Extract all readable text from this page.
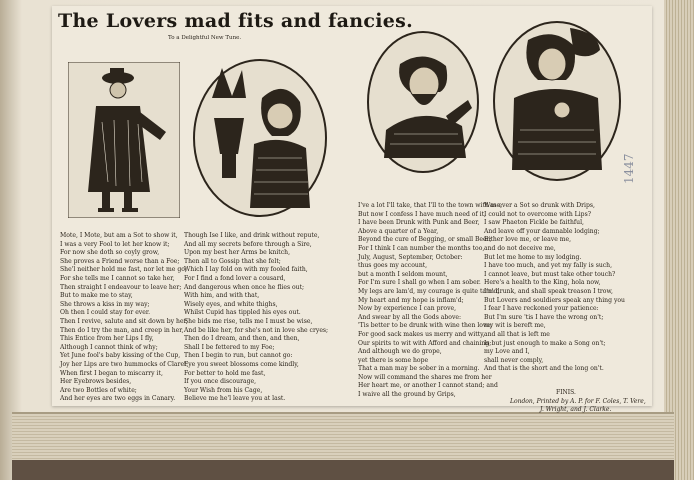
The Lovers mad fits and fancies.
To a Delightful New Tune.
Mote, I Mote, but am a Sot to show it,
I was a very Fool to let her know it;
For now she doth so coyly grow,
She proves a Friend worse than a Foe;
She'l neither hold me fast, nor let me go,
For she tells me I cannot so take her,
Then straight I endeavour to leave her;
But to make me to stay,
She throws a kiss in my way;
Oh then I could stay for ever.
Then I revive, salute and sit down by her,
Then do I try the man, and creep in her,
This Entice from her Lips I fly,
Although I cannot think of why;
Yet June fool's baby kissing of the Cup,
Joy her Lips are two hummocks of Claret,
When first I began to miscarry it,
Her Eyebrows besides,
Are two Bottles of white;
And her eyes are two eggs in Canary.
Though Ise I like, and drink without repute,
And all my secrets before through a Sire,
Upon my best her Arms be knitch,
Then all to Gossip that she felt;
Which I lay fold on with my fooled faith,
For I find a fond lover a cousard,
And dangerous when once he flies out;
With him, and with that,
Wisely eyes, and white thighs,
Whilst Cupid has tippled his eyes out.
She bids me rise, tells me I must be wise,
And be like her, for she's not in love she cryes;
Then do I dream, and then, and then,
Shall I be fettered to my Foe;
Then I begin to run, but cannot go:
Fye you sweet blossoms come kindly,
For better to hold me fast,
If you once discourage,
Your Wish from his Cage,
Believe me he'l leave you at last.
I've a lot I'll take, that I'll to the town with me,
But now I confess I have much need of it,
I have been Drunk with Punk and Beer,
Above a quarter of a Year,
Beyond the cure of Begging, or small Beer;
For I think I can number the months too,
July, August, September, October:
thus goes my account,
but a month I seldom mount,
For I'm sure I shall go when I am sober.
My legs are lam'd, my courage is quite tam'd,
My heart and my hope is inflam'd;
Now by experience I can prove,
And swear by all the Gods above:
'Tis better to be drunk with wine then love;
For good sack makes us merry and witty,
Our spirits to wit with Afford and chaining;
And although we do grope,
yet there is some hope
That a man may be sober in a morning.
Now will command the shares me from her
Her heart me, or another I cannot stand; and
I waive all the ground by Grips,
Was ever a Sot so drunk with Drips,
I could not to overcome with Lips?
I saw Phaeton Fickle be faithful,
And leave off your damnable lodging;
Either love me, or leave me,
and do not deceive me,
But let me home to my lodging.
I have too much, and yet my fally is such,
I cannot leave, but must take other touch?
Here's a health to the King, hola now,
I'm drunk, and shall speak treason I trow,
But Lovers and souldiers speak any thing you
I fear I have reckoned your patience:
But I'm sure 'tis I have the wrong on't;
my wit is bereft me,
and all that is left me
Is but just enough to make a Song on't;
my Love and I,
shall never comply,
And that is the short and the long on't.
FINIS.
London, Printed by A. P. for F. Coles, T. Vere,
J. Wright, and J. Clarke.
1447
